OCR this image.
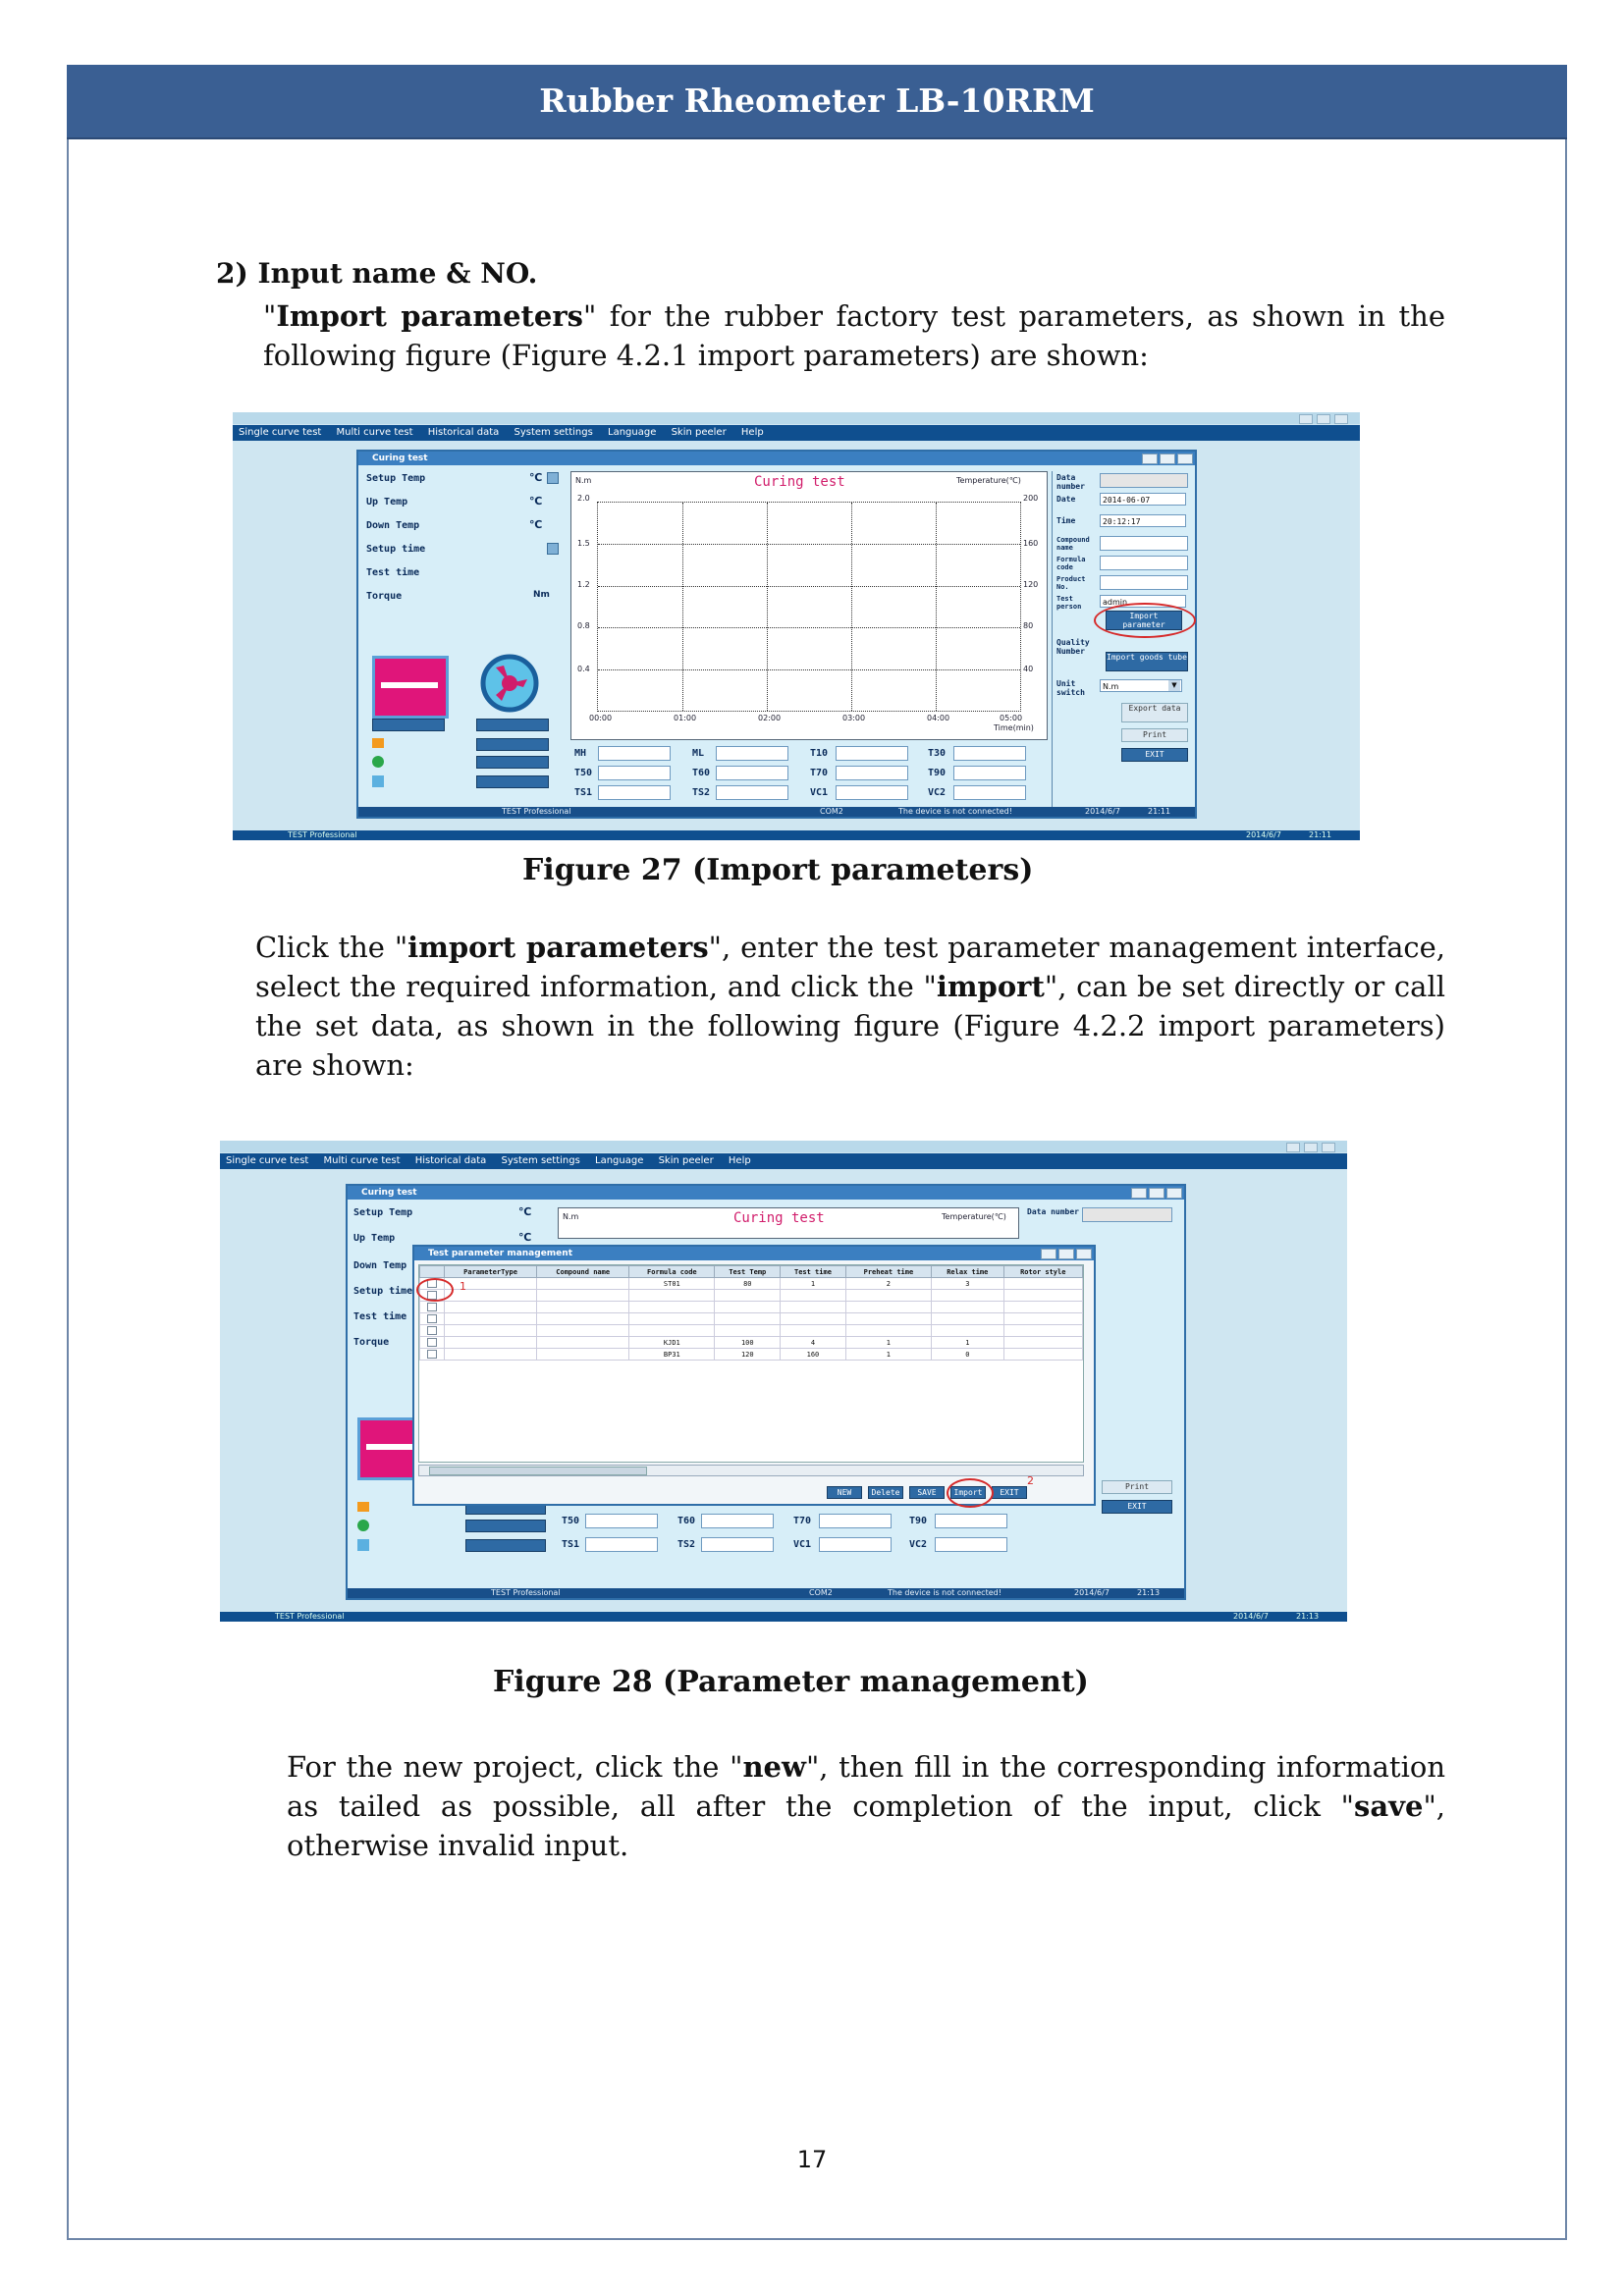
Rubber Rheometer LB-10RRM
2) Input name & NO.
"Import parameters" for the rubber factory test parameters, as shown in the following figure (Figure 4.2.1 import parameters) are shown:
Single curve test Multi curve test Historical data System settings Language Skin peeler Help
Curing test
Setup Temp	℃
Up Temp	℃
Down Temp	℃
Setup time
Test time
Torque	Nm
Curing test
N.m	Temperature(℃)
2.0
1.5
1.2
0.8
0.4
200
160
120
80
40
00:00	01:00	02:00	03:00	04:00	05:00
Time(min)
MH	ML	T10	T30
T50	T60	T70	T90
TS1	TS2	VC1	VC2
Data number
Date	2014-06-07
Time	20:12:17
Compound name
Formula code
Product No.
Test person	admin
Import parameter
Quality Number
Import goods tube
Unit switch
N.m	▼
Export data
Print
EXIT
TEST Professional	COM2	The device is not connected!	2014/6/7	21:11
TEST Professional	2014/6/7	21:11
Figure 27 (Import parameters)
Click the "import parameters", enter the test parameter management interface, select the required information, and click the "import", can be set directly or call the set data, as shown in the following figure (Figure 4.2.2 import parameters) are shown:
Single curve test Multi curve test Historical data System settings Language Skin peeler Help
Curing test
Setup Temp	℃
Up Temp	℃
Down Temp
Setup time
Test time
Torque
Curing test
N.m	Temperature(℃)
T50	T60	T70	T90
TS1	TS2	VC1	VC2
Data number
Print
EXIT
TEST Professional	COM2	The device is not connected!	2014/6/7	21:13
Test parameter management
	ParameterType	Compound name	Formula code	Test Temp	Test time	Preheat time	Relax time	Rotor style
			ST01	80	1	2	3	

			KJD1	100	4	1	1	
			BP31	120	160	1	0	
1
2
NEW	Delete	SAVE	Import	EXIT
TEST Professional	2014/6/7	21:13
Figure 28 (Parameter management)
For the new project, click the "new", then fill in the corresponding information as tailed as possible, all after the completion of the input, click "save", otherwise invalid input.
17
